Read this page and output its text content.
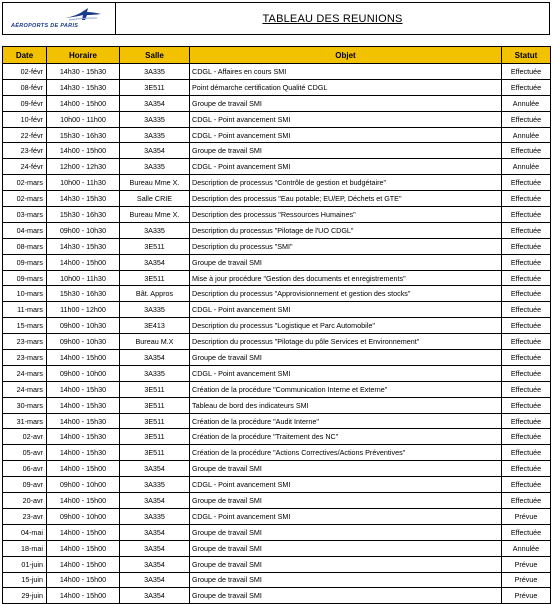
AÉROPORTS DE PARIS
TABLEAU DES REUNIONS
Date	Horaire	Salle	Objet	Statut
02-févr	14h30 - 15h30	3A335	CDGL - Affaires en cours SMI	Effectuée
08-févr	14h30 - 15h30	3E511	Point démarche certification Qualité CDGL	Effectuée
09-févr	14h00 - 15h00	3A354	Groupe de travail SMI	Annulée
10-févr	10h00 - 11h00	3A335	CDGL - Point avancement SMI	Effectuée
22-févr	15h30 - 16h30	3A335	CDGL - Point avancement SMI	Annulée
23-févr	14h00 - 15h00	3A354	Groupe de travail SMI	Effectuée
24-févr	12h00 - 12h30	3A335	CDGL - Point avancement SMI	Annulée
02-mars	10h00 - 11h30	Bureau Mme X.	Description de processus "Contrôle de gestion et budgétaire"	Effectuée
02-mars	14h30 - 15h30	Salle CRIE	Description des processus "Eau potable; EU/EP, Déchets et GTE"	Effectuée
03-mars	15h30 - 16h30	Bureau Mme X.	Description des processus "Ressources Humaines"	Effectuée
04-mars	09h00 - 10h30	3A335	Description du processus "Pilotage de l'UO CDGL"	Effectuée
08-mars	14h30 - 15h30	3E511	Description du processus "SMI"	Effectuée
09-mars	14h00 - 15h00	3A354	Groupe de travail SMI	Effectuée
09-mars	10h00 - 11h30	3E511	Mise à jour procédure "Gestion des documents et enregistrements"	Effectuée
10-mars	15h30 - 16h30	Bât. Appros	Description du processus "Approvisionnement et gestion des stocks"	Effectuée
11-mars	11h00 - 12h00	3A335	CDGL - Point avancement SMI	Effectuée
15-mars	09h00 - 10h30	3E413	Description du processus "Logistique et Parc Automobile"	Effectuée
23-mars	09h00 - 10h30	Bureau M.X	Description du processus "Pilotage du pôle Services et Environnement"	Effectuée
23-mars	14h00 - 15h00	3A354	Groupe de travail SMI	Effectuée
24-mars	09h00 - 10h00	3A335	CDGL - Point avancement SMI	Effectuée
24-mars	14h00 - 15h30	3E511	Création de la procédure "Communication Interne et Externe"	Effectuée
30-mars	14h00 - 15h30	3E511	Tableau de bord des indicateurs SMI	Effectuée
31-mars	14h00 - 15h30	3E511	Création de la procédure "Audit Interne"	Effectuée
02-avr	14h00 - 15h30	3E511	Création de la procédure "Traitement des NC"	Effectuée
05-avr	14h00 - 15h30	3E511	Création de la procédure "Actions Correctives/Actions Préventives"	Effectuée
06-avr	14h00 - 15h00	3A354	Groupe de travail SMI	Effectuée
09-avr	09h00 - 10h00	3A335	CDGL - Point avancement SMI	Effectuée
20-avr	14h00 - 15h00	3A354	Groupe de travail SMI	Effectuée
23-avr	09h00 - 10h00	3A335	CDGL - Point avancement SMI	Prévue
04-mai	14h00 - 15h00	3A354	Groupe de travail SMI	Effectuée
18-mai	14h00 - 15h00	3A354	Groupe de travail SMI	Annulée
01-juin	14h00 - 15h00	3A354	Groupe de travail SMI	Prévue
15-juin	14h00 - 15h00	3A354	Groupe de travail SMI	Prévue
29-juin	14h00 - 15h00	3A354	Groupe de travail SMI	Prévue
